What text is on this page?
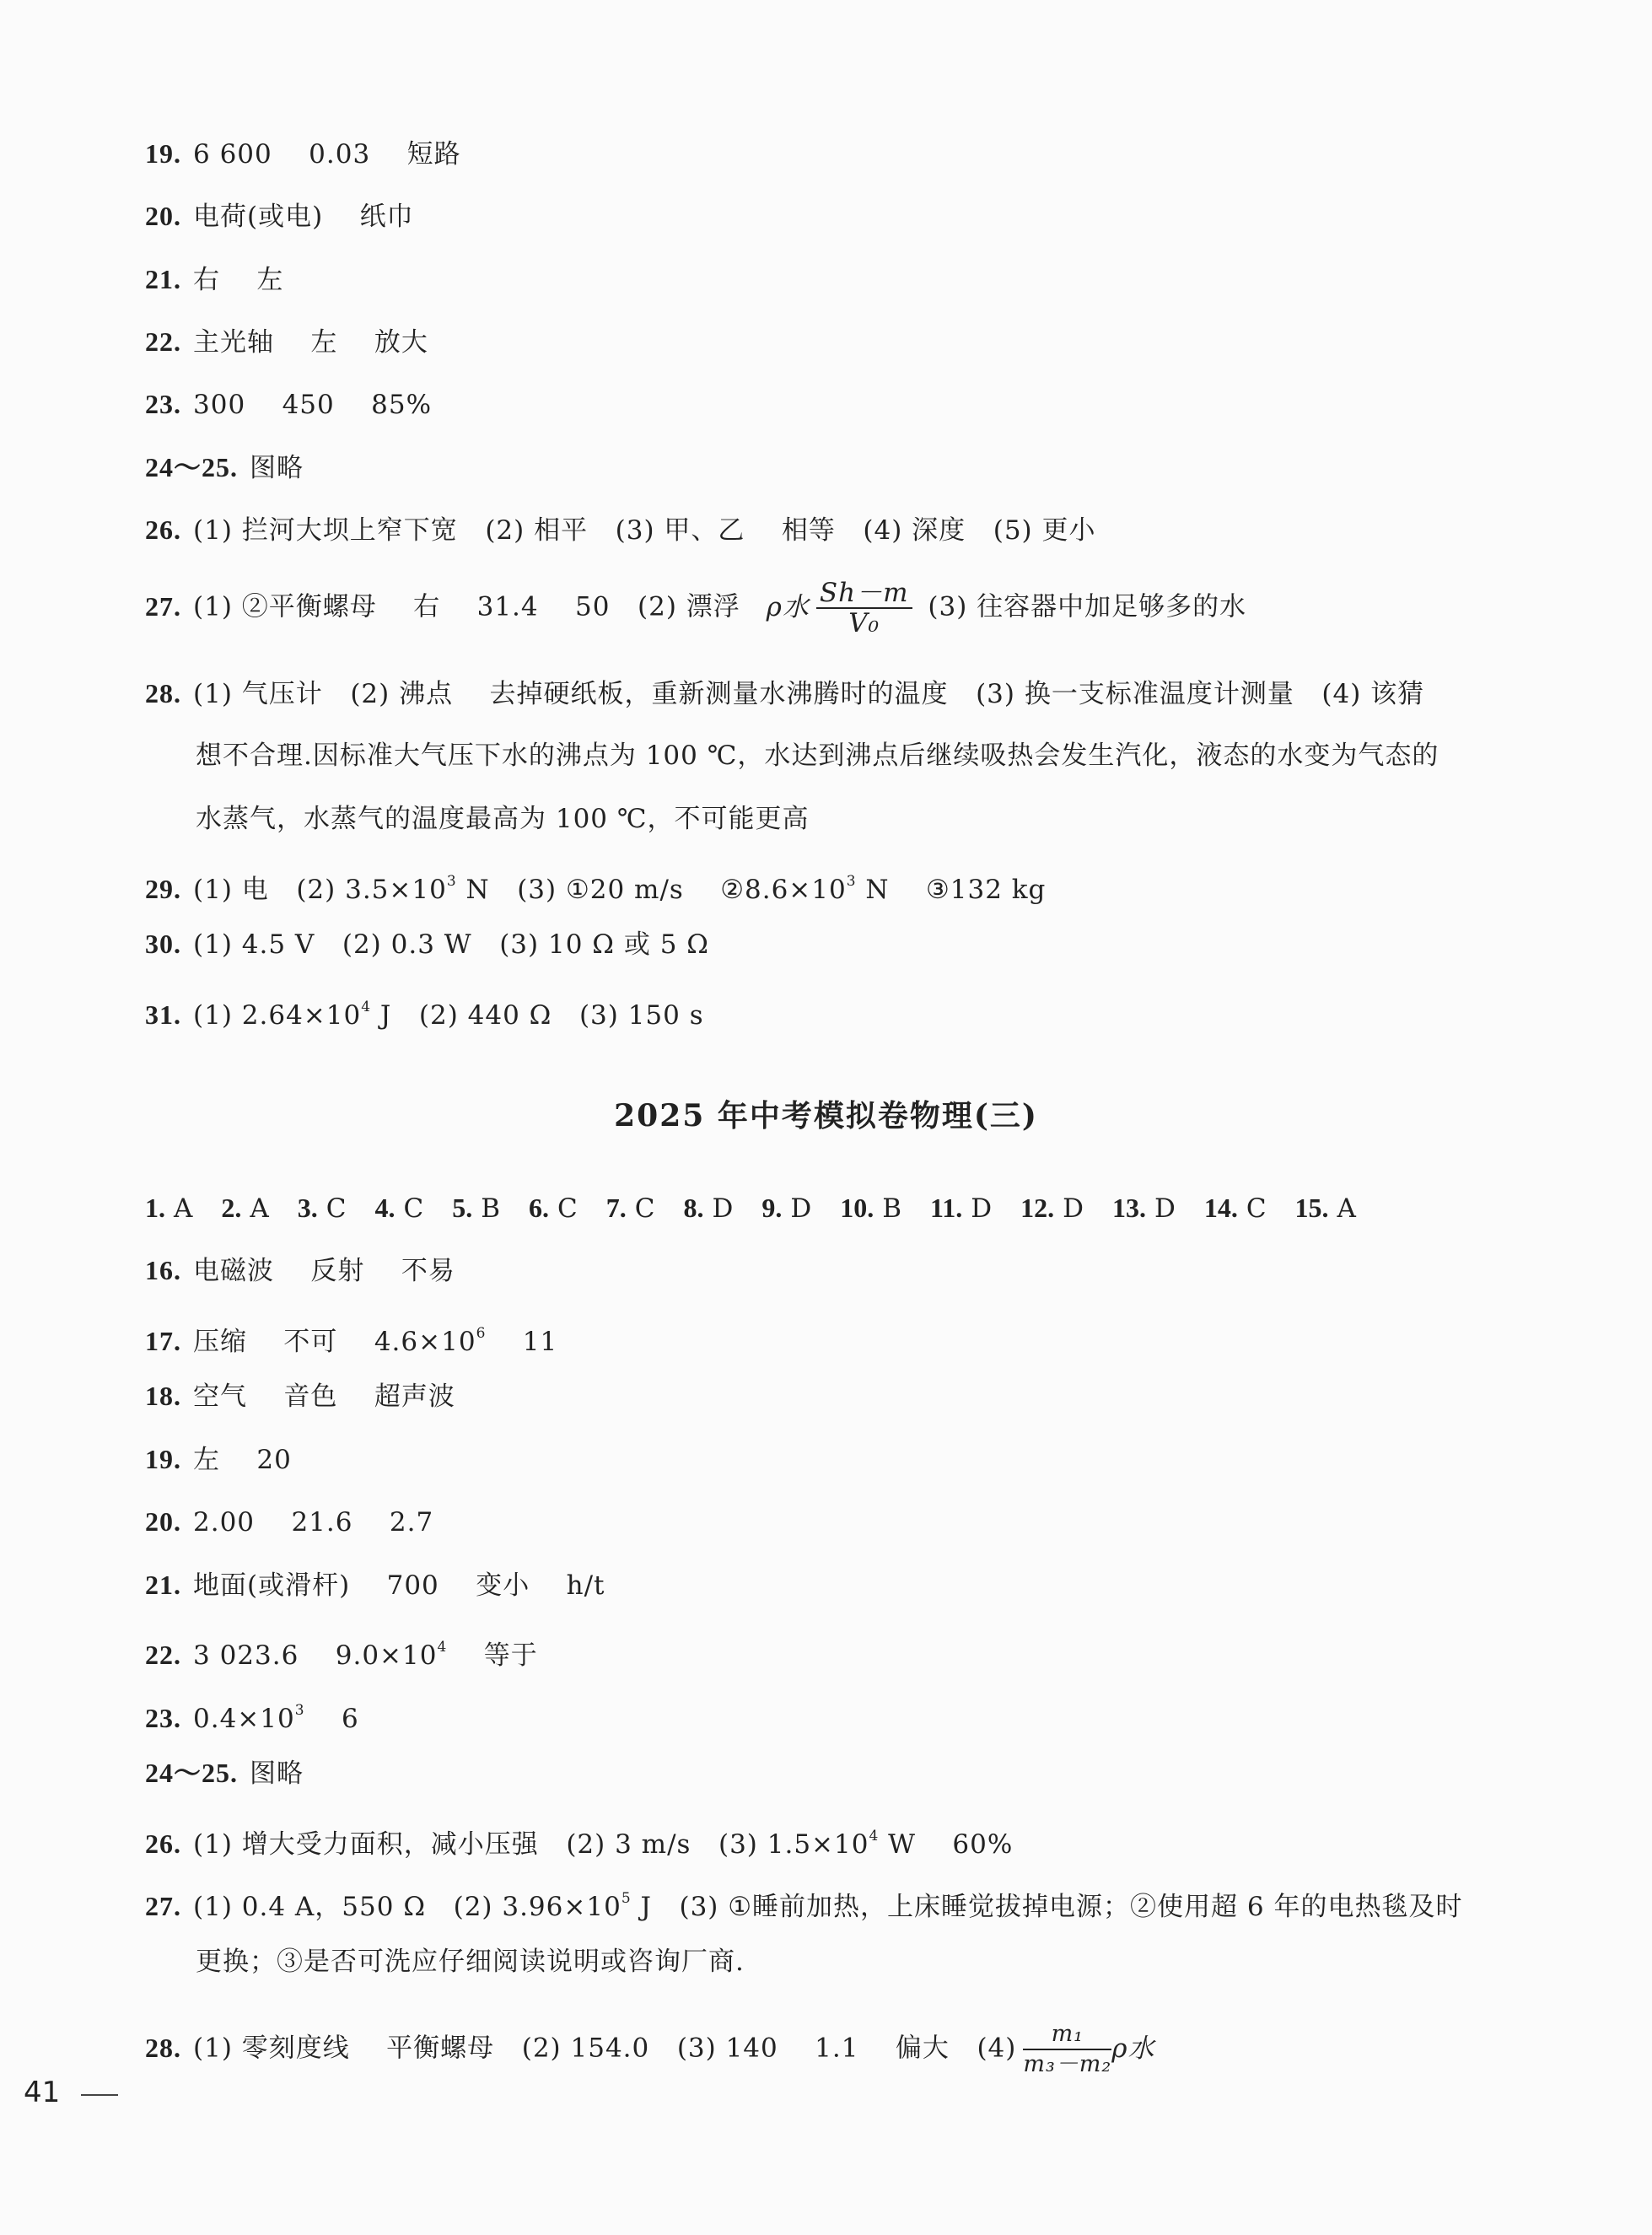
19. 6 600    0.03    短路
20. 电荷(或电)    纸巾
21. 右    左
22. 主光轴    左    放大
23. 300    450    85%
24～25. 图略
26. (1) 拦河大坝上窄下宽   (2) 相平   (3) 甲、乙    相等   (4) 深度   (5) 更小
27. (1) ②平衡螺母    右    31.4    50   (2) 漂浮 ρ水 $\frac{Sh-m}{\text{V₀}} (3)$ 往容器中加足够多的水
28. (1) 气压计   (2) 沸点    去掉硬纸板，重新测量水沸腾时的温度   (3) 换一支标准温度计测量   (4) 该猜
想不合理.因标准大气压下水的沸点为 100 ℃，水达到沸点后继续吸热会发生汽化，液态的水变为气态的
水蒸气，水蒸气的温度最高为 100 ℃，不可能更高
29. (1) 电   (2) $3.5\times 10^3$ N   (3) ①20 m/s    $②8.6\times 10^3$ N    ③132 kg
30. (1) 4.5 V   (2) 0.3 W   (3) 10 Ω 或 5 Ω
31. (1) $2.64\times 10^4$ J   (2) 440 Ω   (3) 150 s
2025 年中考模拟卷物理(三)
1. A 2. A 3. C 4. C 5. B 6. C 7. C 8. D 9. D 10. B 11. D 12. D 13. D 14. C 15. A
16. 电磁波    反射    不易
17. 压缩    不可    $4.6\times 10^6$    11
18. 空气    音色    超声波
19. 左    20
20. 2.00    21.6    2.7
21. 地面(或滑杆)    700    变小    h/t
22. 3 023.6    $9.0\times 10^4$    等于
23. $0.4\times 10^3$    6
24～25. 图略
26. (1) 增大受力面积，减小压强   (2) 3 m/s   (3) $1.5\times 10^4$ W    60%
27. (1) 0.4 A，550 Ω   (2) $3.96\times 10^5$ J   (3) ①睡前加热，上床睡觉拔掉电源；②使用超 6 年的电热毯及时
更换；③是否可洗应仔细阅读说明或咨询厂商.
28. (1) 零刻度线    平衡螺母   (2) 154.0   (3) 140    1.1    偏大   $(4) \frac{\text{m₁}}{\text{m₃－m₂}}$ ρ水
41
